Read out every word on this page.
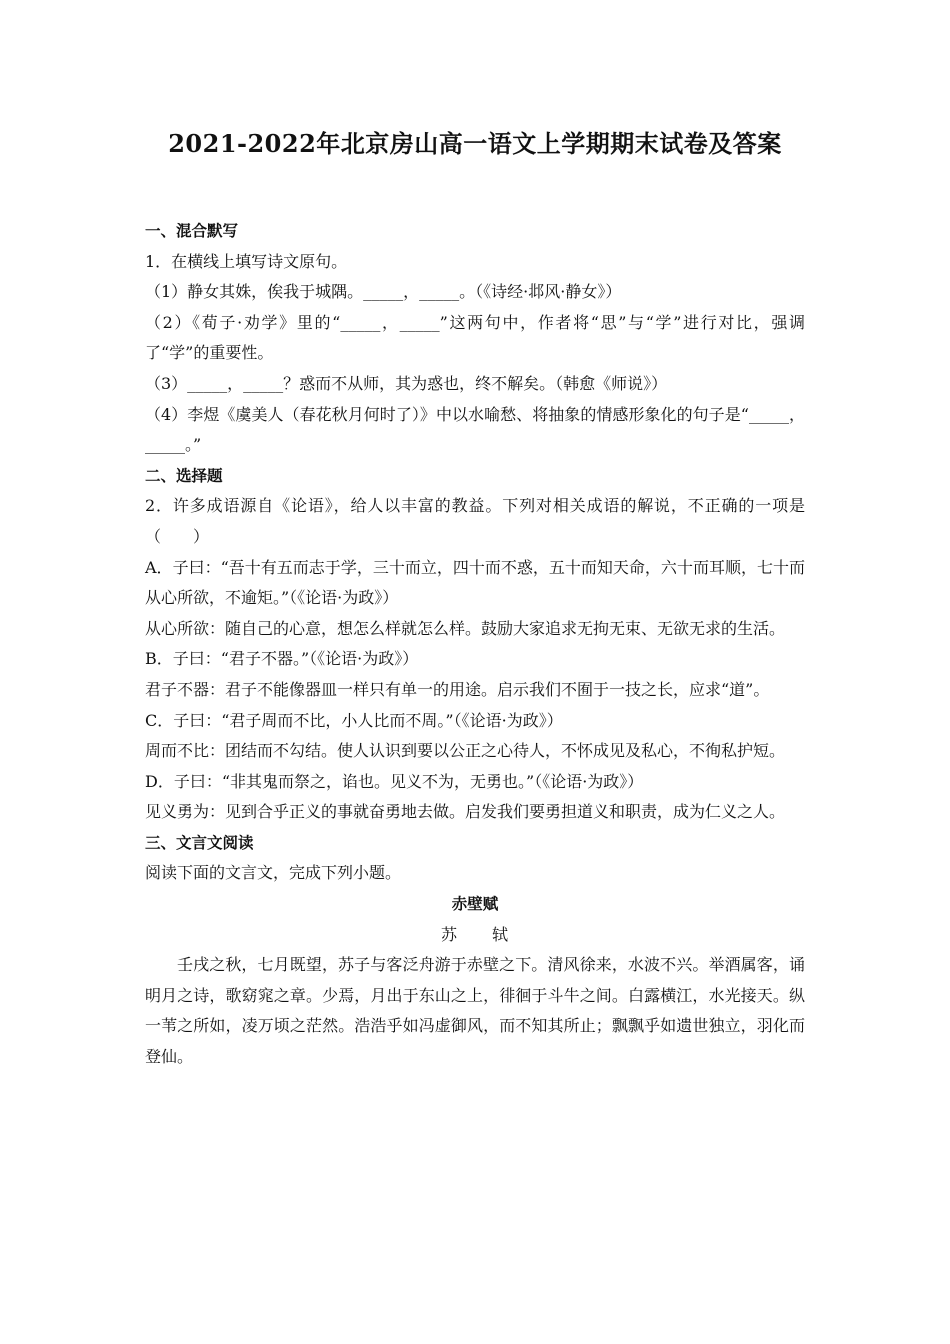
2021-2022年北京房山高一语文上学期期末试卷及答案

一、混合默写

1．在横线上填写诗文原句。

（1）静女其姝，俟我于城隅。_____，_____。（《诗经·邶风·静女》）

（2）《荀子·劝学》里的“_____，_____”这两句中，作者将“思”与“学”进行对比，强调了“学”的重要性。

（3）_____，_____？惑而不从师，其为惑也，终不解矣。（韩愈《师说》）

（4）李煜《虞美人（春花秋月何时了）》中以水喻愁、将抽象的情感形象化的句子是“_____，_____。”

二、选择题

2．许多成语源自《论语》，给人以丰富的教益。下列对相关成语的解说，不正确的一项是（　　）

A．子曰：“吾十有五而志于学，三十而立，四十而不惑，五十而知天命，六十而耳顺，七十而从心所欲，不逾矩。”（《论语·为政》）

从心所欲：随自己的心意，想怎么样就怎么样。鼓励大家追求无拘无束、无欲无求的生活。

B．子曰：“君子不器。”（《论语·为政》）

君子不器：君子不能像器皿一样只有单一的用途。启示我们不囿于一技之长，应求“道”。

C．子曰：“君子周而不比，小人比而不周。”（《论语·为政》）

周而不比：团结而不勾结。使人认识到要以公正之心待人，不怀成见及私心，不徇私护短。

D．子曰：“非其鬼而祭之，谄也。见义不为，无勇也。”（《论语·为政》）

见义勇为：见到合乎正义的事就奋勇地去做。启发我们要勇担道义和职责，成为仁义之人。

三、文言文阅读

阅读下面的文言文，完成下列小题。

赤壁赋

苏　　轼

壬戌之秋，七月既望，苏子与客泛舟游于赤壁之下。清风徐来，水波不兴。举酒属客，诵明月之诗，歌窈窕之章。少焉，月出于东山之上，徘徊于斗牛之间。白露横江，水光接天。纵一苇之所如，凌万顷之茫然。浩浩乎如冯虚御风，而不知其所止；飘飘乎如遗世独立，羽化而登仙。
